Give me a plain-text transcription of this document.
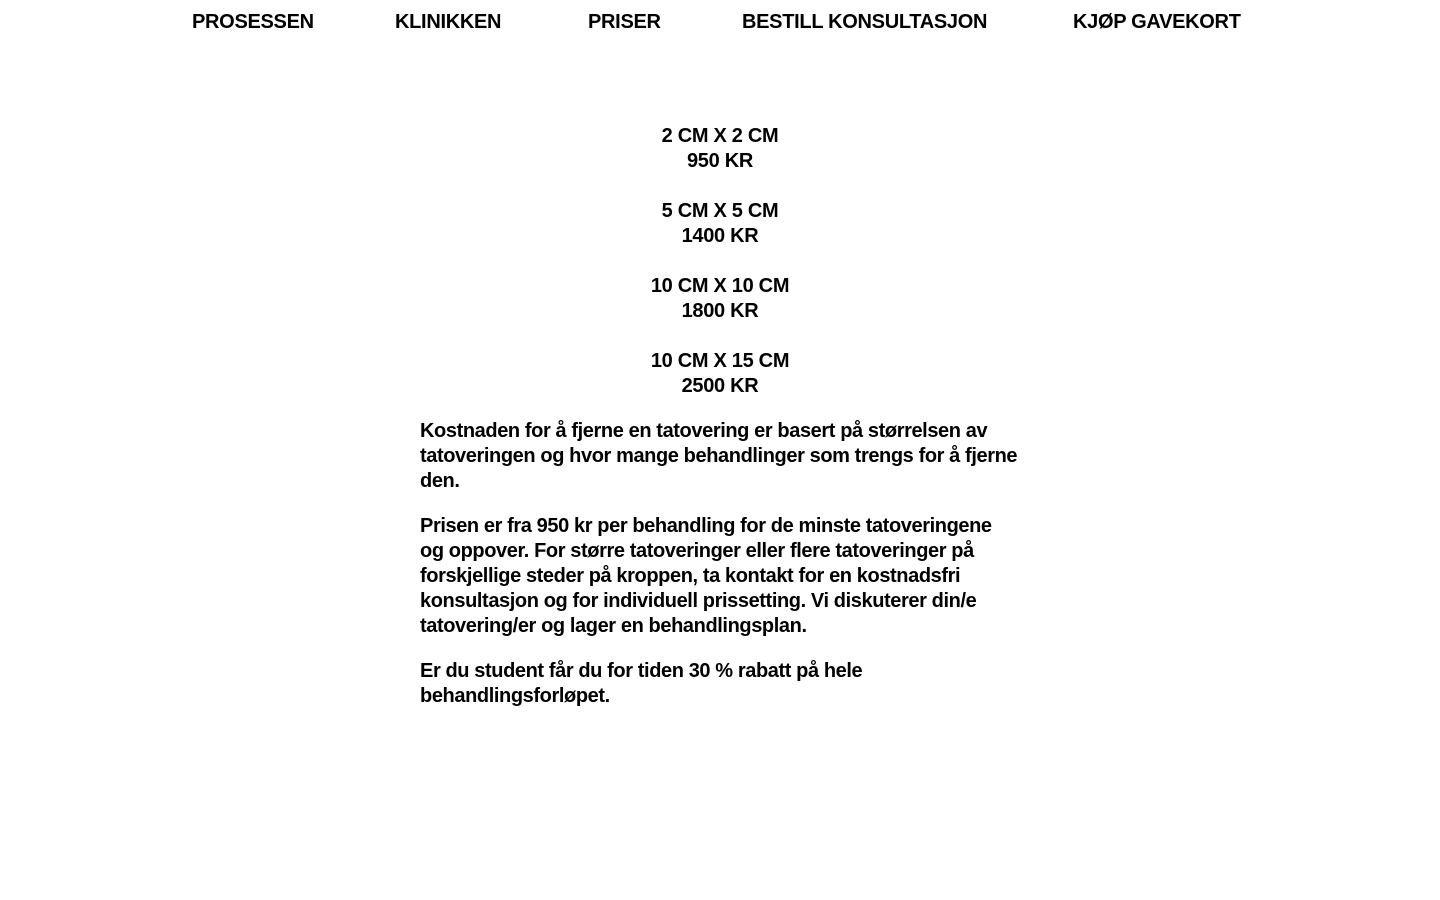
PROSESSEN	KLINIKKEN	PRISER	BESTILL KONSULTASJON	KJØP GAVEKORT
2 CM X 2 CM
950 KR
5 CM X 5 CM
1400 KR
10 CM X 10 CM
1800 KR
10 CM X 15 CM
2500 KR

Kostnaden for å fjerne en tatovering er basert på størrelsen av tatoveringen og hvor mange behandlinger som trengs for å fjerne den.

Prisen er fra 950 kr per behandling for de minste tatoveringene og oppover. For større tatoveringer eller flere tatoveringer på forskjellige steder på kroppen, ta kontakt for en kostnadsfri konsultasjon og for individuell prissetting. Vi diskuterer din/e tatovering/er og lager en behandlingsplan.

Er du student får du for tiden 30 % rabatt på hele behandlingsforløpet.
